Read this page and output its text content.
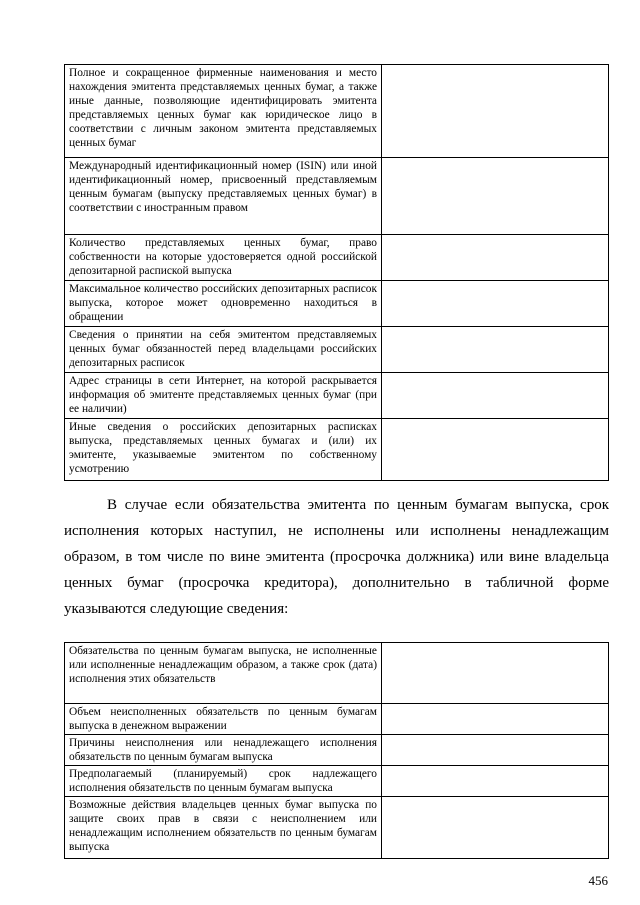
Полное и сокращенное фирменные наименования и место нахождения эмитента представляемых ценных бумаг, а также иные данные, позволяющие идентифицировать эмитента представляемых ценных бумаг как юридическое лицо в соответствии с личным законом эмитента представляемых ценных бумаг	
Международный идентификационный номер (ISIN) или иной идентификационный номер, присвоенный представляемым ценным бумагам (выпуску представляемых ценных бумаг) в соответствии с иностранным правом	
Количество представляемых ценных бумаг, право собственности на которые удостоверяется одной российской депозитарной распиской выпуска	
Максимальное количество российских депозитарных расписок выпуска, которое может одновременно находиться в обращении	
Сведения о принятии на себя эмитентом представляемых ценных бумаг обязанностей перед владельцами российских депозитарных расписок	
Адрес страницы в сети Интернет, на которой раскрывается информация об эмитенте представляемых ценных бумаг (при ее наличии)	
Иные сведения о российских депозитарных расписках выпуска, представляемых ценных бумагах и (или) их эмитенте, указываемые эмитентом по собственному усмотрению	

В случае если обязательства эмитента по ценным бумагам выпуска, срок исполнения которых наступил, не исполнены или исполнены ненадлежащим образом, в том числе по вине эмитента (просрочка должника) или вине владельца ценных бумаг (просрочка кредитора), дополнительно в табличной форме указываются следующие сведения:

Обязательства по ценным бумагам выпуска, не исполненные или исполненные ненадлежащим образом, а также срок (дата) исполнения этих обязательств	
Объем неисполненных обязательств по ценным бумагам выпуска в денежном выражении	
Причины неисполнения или ненадлежащего исполнения обязательств по ценным бумагам выпуска	
Предполагаемый (планируемый) срок надлежащего исполнения обязательств по ценным бумагам выпуска	
Возможные действия владельцев ценных бумаг выпуска по защите своих прав в связи с неисполнением или ненадлежащим исполнением обязательств по ценным бумагам выпуска	

456
